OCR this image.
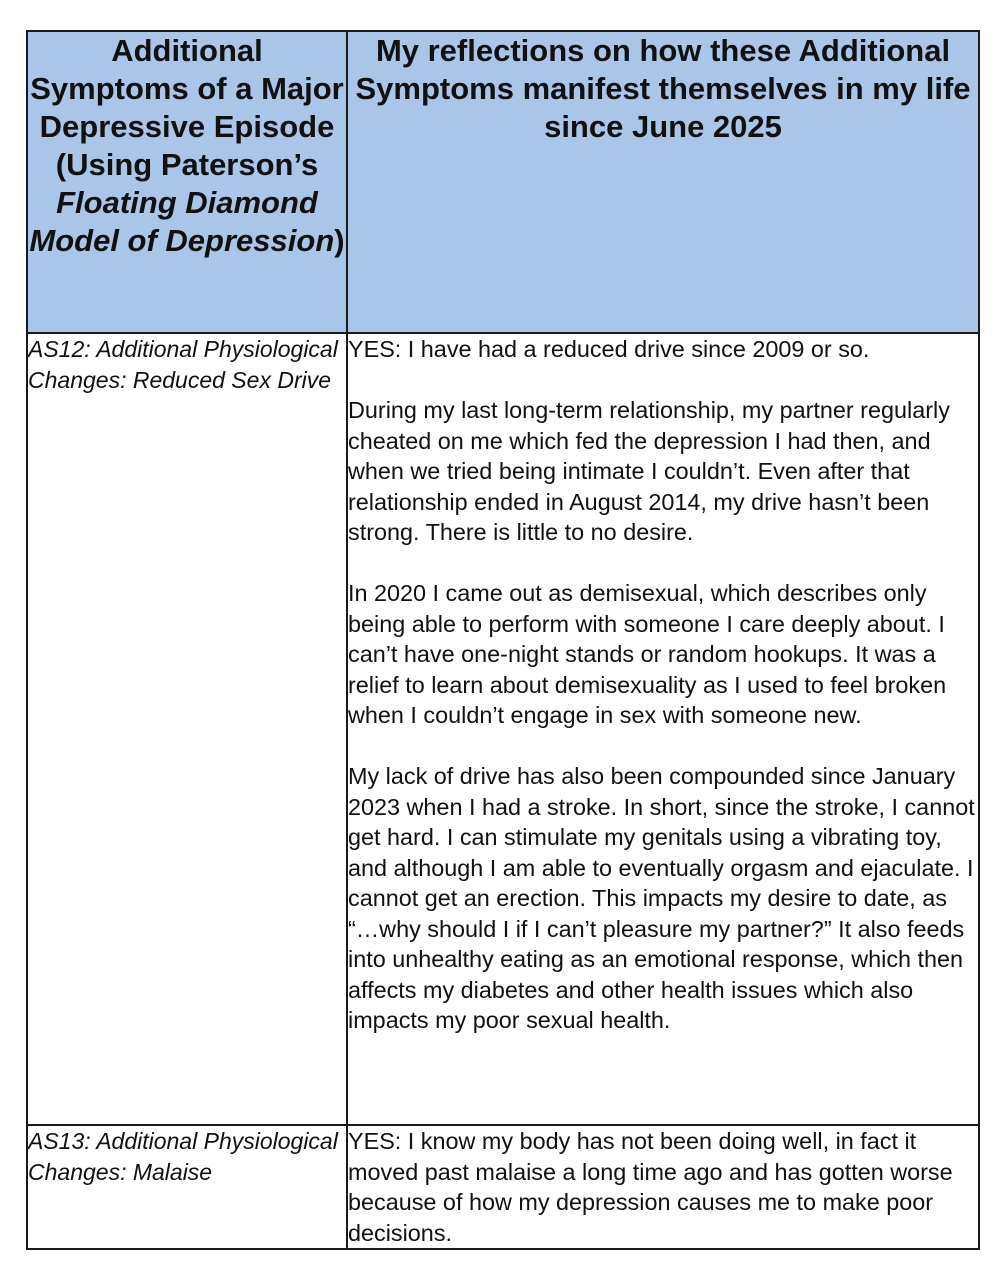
Additional Symptoms of a Major Depressive Episode (Using Paterson’s Floating Diamond Model of Depression)	My reflections on how these Additional Symptoms manifest themselves in my life since June 2025
AS12: Additional Physiological Changes: Reduced Sex Drive	YES: I have had a reduced drive since 2009 or so.

During my last long-term relationship, my partner regularly cheated on me which fed the depression I had then, and when we tried being intimate I couldn’t. Even after that relationship ended in August 2014, my drive hasn’t been strong. There is little to no desire.

In 2020 I came out as demisexual, which describes only being able to perform with someone I care deeply about. I can’t have one-night stands or random hookups. It was a relief to learn about demisexuality as I used to feel broken when I couldn’t engage in sex with someone new.

My lack of drive has also been compounded since January 2023 when I had a stroke. In short, since the stroke, I cannot get hard. I can stimulate my genitals using a vibrating toy, and although I am able to eventually orgasm and ejaculate. I cannot get an erection. This impacts my desire to date, as “…why should I if I can’t pleasure my partner?” It also feeds into unhealthy eating as an emotional response, which then affects my diabetes and other health issues which also impacts my poor sexual health.

AS13: Additional Physiological Changes: Malaise	YES: I know my body has not been doing well, in fact it moved past malaise a long time ago and has gotten worse because of how my depression causes me to make poor decisions.
